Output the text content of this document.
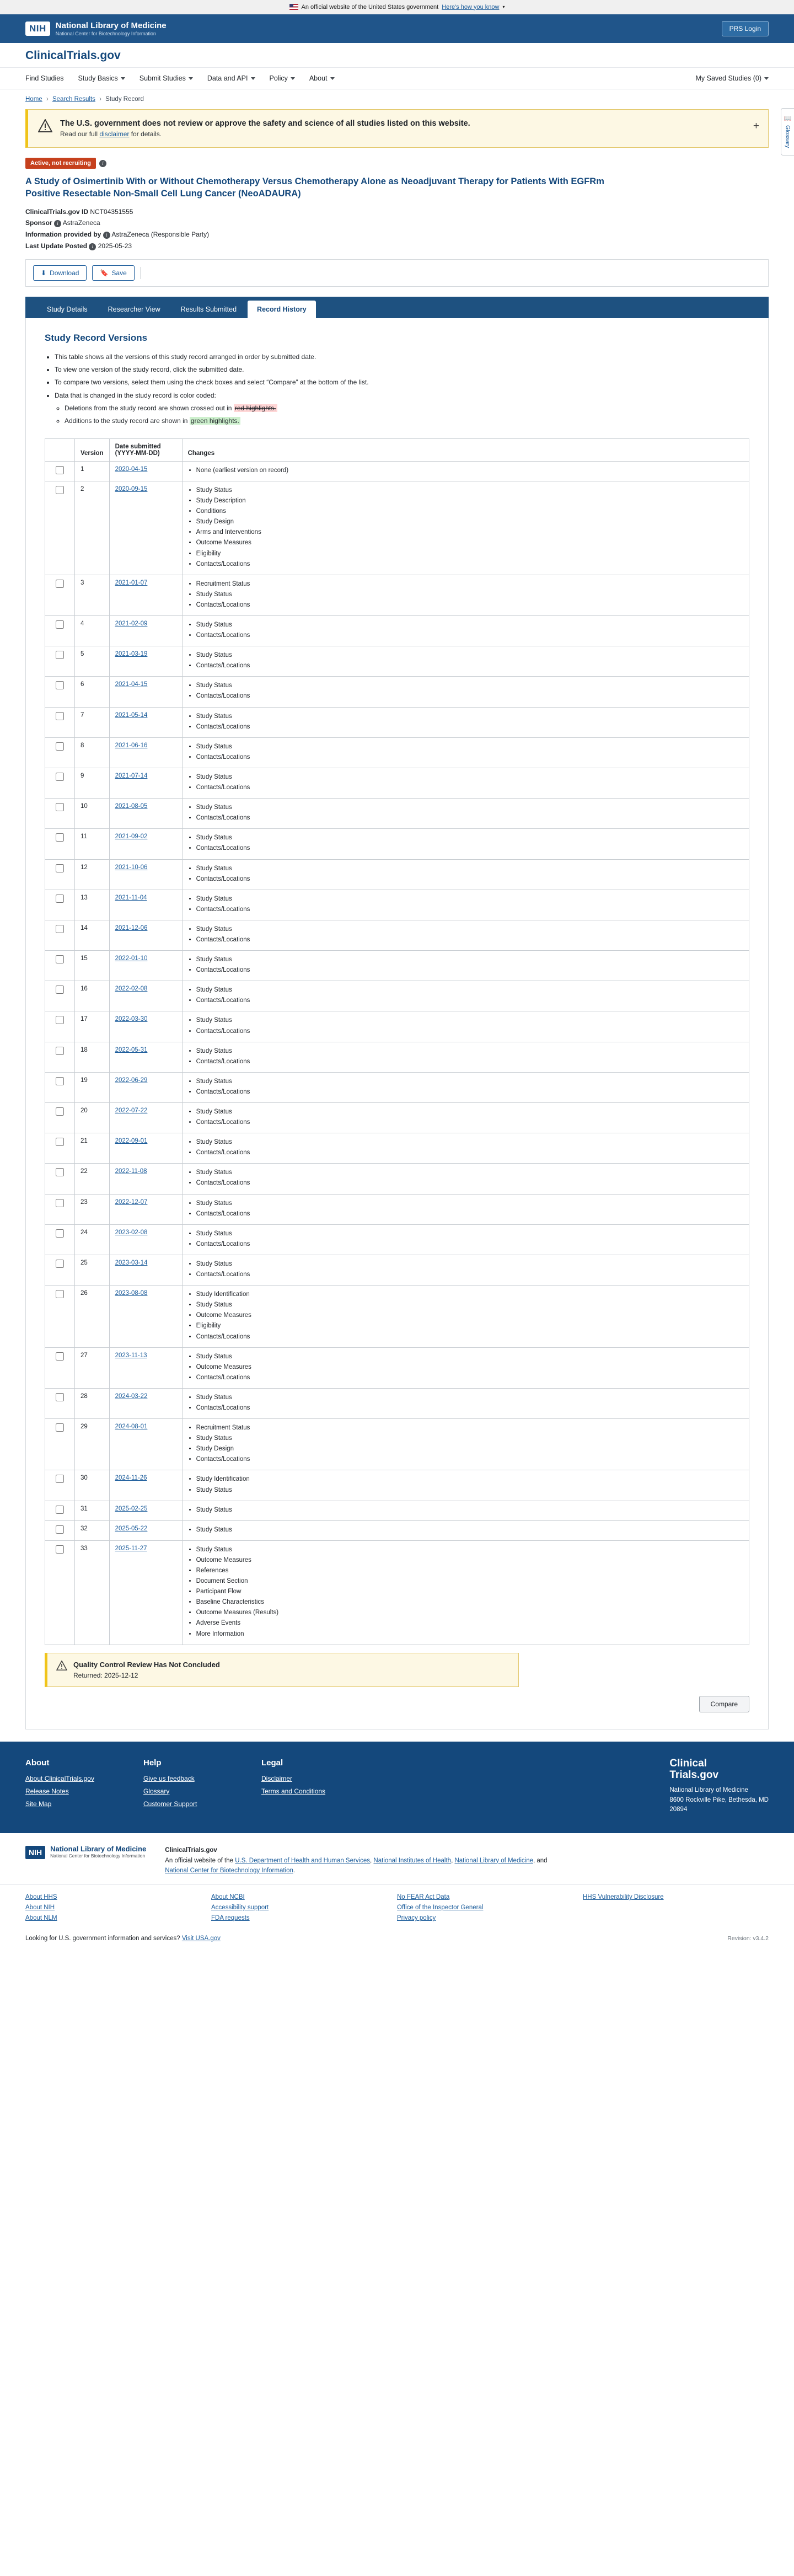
An official website of the United States government Here's how you know ▾
NIH	National Library of Medicine
National Center for Biotechnology Information
PRS Login
ClinicalTrials.gov
Find Studies Study Basics	Submit Studies	Data and API	Policy	About	My Saved Studies (0)
📖
Glossary
Home › Search Results › Study Record
The U.S. government does not review or approve the safety and science of all studies listed on this website.
Read our full disclaimer for details.
+
Active, not recruiting	i
A Study of Osimertinib With or Without Chemotherapy Versus Chemotherapy Alone as Neoadjuvant Therapy for Patients With EGFRm Positive Resectable Non-Small Cell Lung Cancer (NeoADAURA)
ClinicalTrials.gov ID NCT04351555
Sponsor i AstraZeneca
Information provided by i AstraZeneca (Responsible Party)
Last Update Posted i 2025-05-23
⬇ Download	🔖 Save
Study Details	Researcher View	Results Submitted	Record History
Study Record Versions
• This table shows all the versions of this study record arranged in order by submitted date.
• To view one version of the study record, click the submitted date.
• To compare two versions, select them using the check boxes and select “Compare” at the bottom of the list.
• Data that is changed in the study record is color coded:
◦ Deletions from the study record are shown crossed out in red highlights.
◦ Additions to the study record are shown in green highlights.
	Version	Date submitted (YYYY-MM-DD)	Changes
	1	2020-04-15	
•None (earliest version on record)

	2	2020-09-15	
•Study Status
• Study Description
• Conditions
• Study Design
• Arms and Interventions
• Outcome Measures
• Eligibility
• Contacts/Locations

	3	2021-01-07	
•Recruitment Status
• Study Status
• Contacts/Locations

	4	2021-02-09	
•Study Status
• Contacts/Locations

	5	2021-03-19	
•Study Status
• Contacts/Locations

	6	2021-04-15	
•Study Status
• Contacts/Locations

	7	2021-05-14	
•Study Status
• Contacts/Locations

	8	2021-06-16	
•Study Status
• Contacts/Locations

	9	2021-07-14	
•Study Status
• Contacts/Locations

	10	2021-08-05	
•Study Status
• Contacts/Locations

	11	2021-09-02	
•Study Status
• Contacts/Locations

	12	2021-10-06	
•Study Status
• Contacts/Locations

	13	2021-11-04	
•Study Status
• Contacts/Locations

	14	2021-12-06	
•Study Status
• Contacts/Locations

	15	2022-01-10	
•Study Status
• Contacts/Locations

	16	2022-02-08	
•Study Status
• Contacts/Locations

	17	2022-03-30	
•Study Status
• Contacts/Locations

	18	2022-05-31	
•Study Status
• Contacts/Locations

	19	2022-06-29	
•Study Status
• Contacts/Locations

	20	2022-07-22	
•Study Status
• Contacts/Locations

	21	2022-09-01	
•Study Status
• Contacts/Locations

	22	2022-11-08	
•Study Status
• Contacts/Locations

	23	2022-12-07	
•Study Status
• Contacts/Locations

	24	2023-02-08	
•Study Status
• Contacts/Locations

	25	2023-03-14	
•Study Status
• Contacts/Locations

	26	2023-08-08	
•Study Identification
• Study Status
• Outcome Measures
• Eligibility
• Contacts/Locations

	27	2023-11-13	
•Study Status
• Outcome Measures
• Contacts/Locations

	28	2024-03-22	
•Study Status
• Contacts/Locations

	29	2024-08-01	
•Recruitment Status
• Study Status
• Study Design
• Contacts/Locations

	30	2024-11-26	
•Study Identification
• Study Status

	31	2025-02-25	
•Study Status

	32	2025-05-22	
•Study Status

	33	2025-11-27	
•Study Status
• Outcome Measures
• References
• Document Section
• Participant Flow
• Baseline Characteristics
• Outcome Measures (Results)
• Adverse Events
• More Information
Quality Control Review Has Not Concluded
Returned: 2025-12-12
Compare
About
About ClinicalTrials.gov
Release Notes
Site Map
Help
Give us feedback
Glossary
Customer Support
Legal
Disclaimer
Terms and Conditions
Clinical
Trials.gov
National Library of Medicine
8600 Rockville Pike, Bethesda, MD
20894
NIH	National Library of Medicine
National Center for Biotechnology Information
ClinicalTrials.gov
An official website of the U.S. Department of Health and Human Services, National Institutes of Health, National Library of Medicine, and National Center for Biotechnology Information.
About HHS
About NIH
About NLM
About NCBI
Accessibility support
FDA requests
No FEAR Act Data
Office of the Inspector General
Privacy policy
HHS Vulnerability Disclosure
Looking for U.S. government information and services? Visit USA.gov	Revision: v3.4.2
